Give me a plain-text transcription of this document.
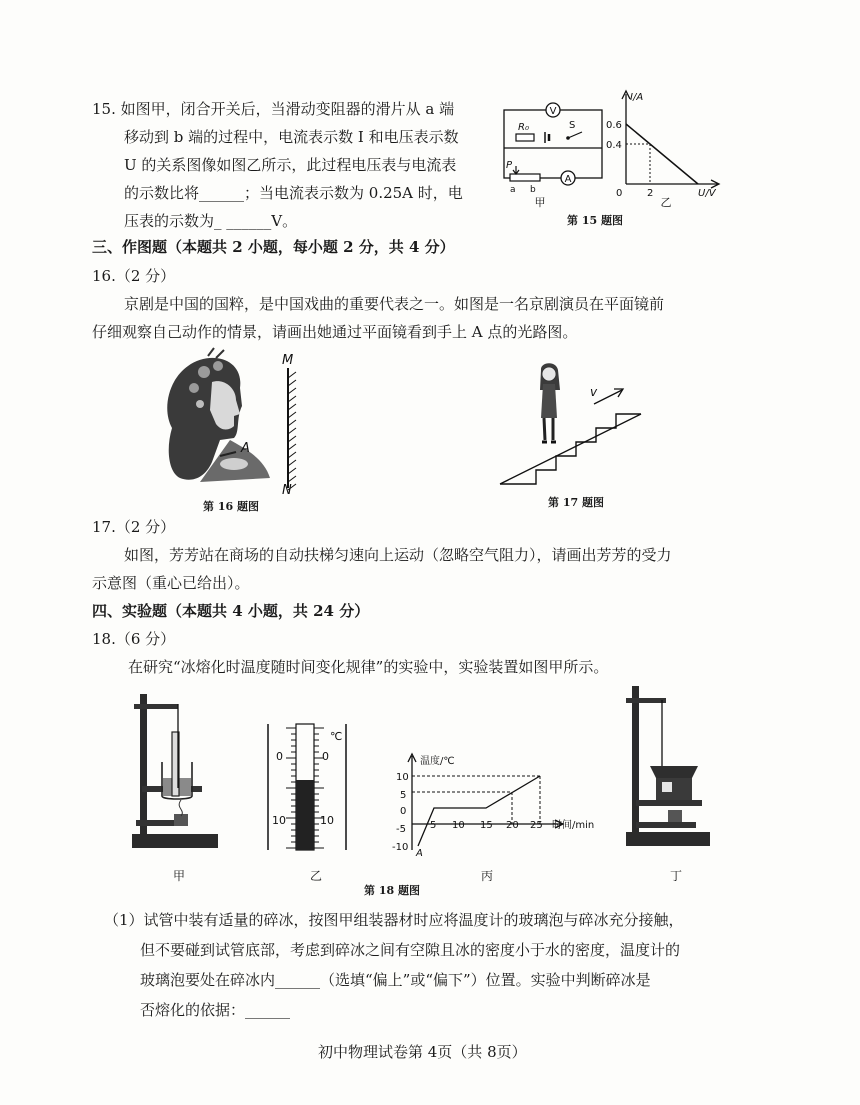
15. 如图甲，闭合开关后，当滑动变阻器的滑片从 a 端
移动到 b 端的过程中，电流表示数 I 和电压表示数
U 的关系图像如图乙所示，此过程电压表与电流表
的示数比将______；当电流表示数为 0.25A 时，电
压表的示数为_ ______V。
V
R₀	S
P
a b
A
甲
I/A
U/V
0
0.6
0.4
2
乙
第 15 题图
三、作图题（本题共 2 小题，每小题 2 分，共 4 分）
16.（2 分）
京剧是中国的国粹，是中国戏曲的重要代表之一。如图是一名京剧演员在平面镜前
仔细观察自己动作的情景，请画出她通过平面镜看到手上 A 点的光路图。
A
M
N
第 16 题图
v
第 17 题图
17.（2 分）
如图，芳芳站在商场的自动扶梯匀速向上运动（忽略空气阻力），请画出芳芳的受力
示意图（重心已给出）。
四、实验题（本题共 4 小题，共 24 分）
18.（6 分）
在研究“冰熔化时温度随时间变化规律”的实验中，实验装置如图甲所示。
℃
0	0
10	10
温度/℃
时间/min
10
5
0
-5
-10
5 10 15 20 25
A
甲	乙	丙	丁
第 18 题图
（1）试管中装有适量的碎冰，按图甲组装器材时应将温度计的玻璃泡与碎冰充分接触，
但不要碰到试管底部，考虑到碎冰之间有空隙且冰的密度小于水的密度，温度计的
玻璃泡要处在碎冰内______（选填“偏上”或“偏下”）位置。实验中判断碎冰是
否熔化的依据：______
初中物理试卷第 4页（共 8页）
